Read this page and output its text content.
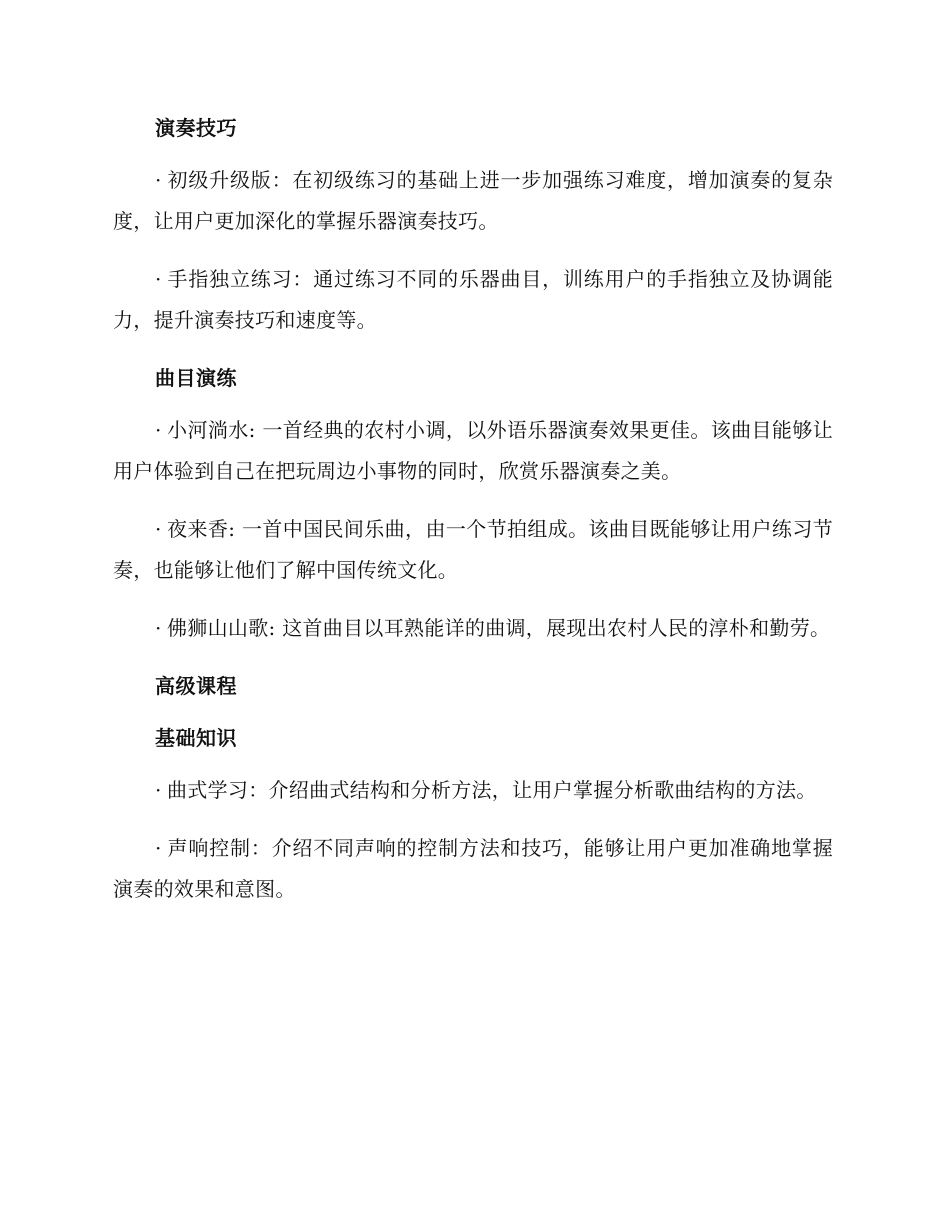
演奏技巧

· 初级升级版：在初级练习的基础上进一步加强练习难度，增加演奏的复杂度，让用户更加深化的掌握乐器演奏技巧。

· 手指独立练习：通过练习不同的乐器曲目，训练用户的手指独立及协调能力，提升演奏技巧和速度等。

曲目演练

· 小河淌水: 一首经典的农村小调，以外语乐器演奏效果更佳。该曲目能够让用户体验到自己在把玩周边小事物的同时，欣赏乐器演奏之美。

· 夜来香: 一首中国民间乐曲，由一个节拍组成。该曲目既能够让用户练习节奏，也能够让他们了解中国传统文化。

· 佛狮山山歌: 这首曲目以耳熟能详的曲调，展现出农村人民的淳朴和勤劳。

高级课程
基础知识

· 曲式学习：介绍曲式结构和分析方法，让用户掌握分析歌曲结构的方法。

· 声响控制：介绍不同声响的控制方法和技巧，能够让用户更加准确地掌握演奏的效果和意图。
